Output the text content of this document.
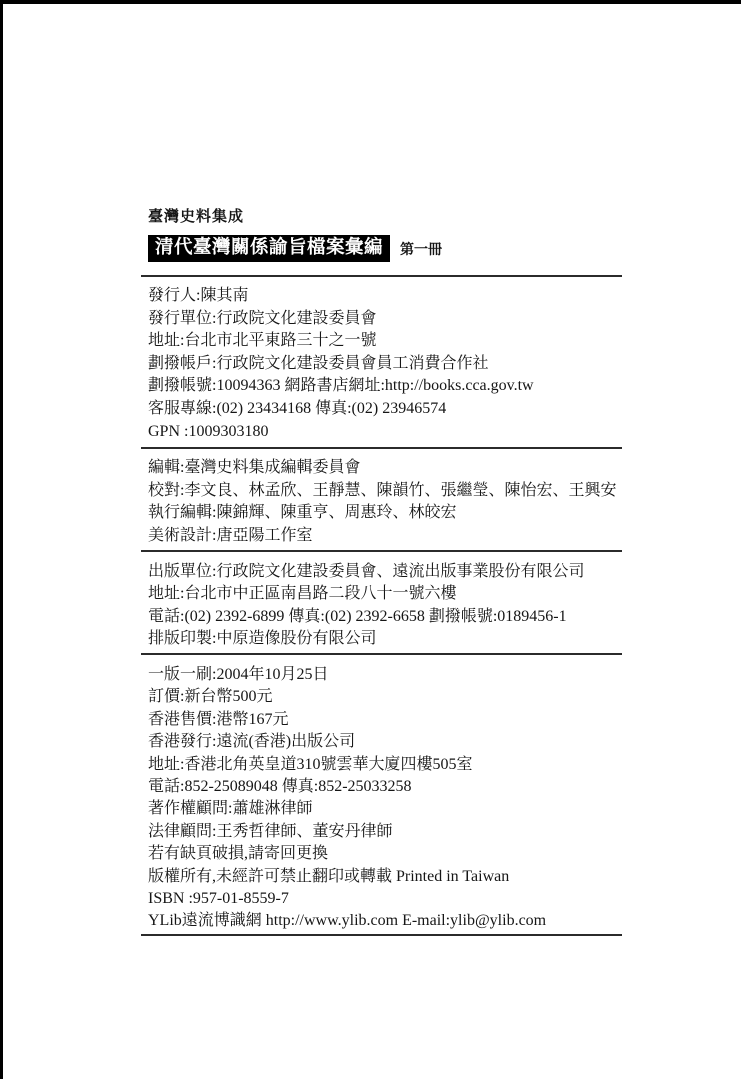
臺灣史料集成
清代臺灣關係諭旨檔案彙編	第一冊
發行人:陳其南
發行單位:行政院文化建設委員會
地址:台北市北平東路三十之一號
劃撥帳戶:行政院文化建設委員會員工消費合作社
劃撥帳號:10094363 網路書店網址:http://books.cca.gov.tw
客服專線:(02) 23434168 傳真:(02) 23946574
GPN :1009303180
編輯:臺灣史料集成編輯委員會
校對:李文良、林孟欣、王靜慧、陳韻竹、張繼瑩、陳怡宏、王興安
執行編輯:陳錦輝、陳重亨、周惠玲、林皎宏
美術設計:唐亞陽工作室
出版單位:行政院文化建設委員會、遠流出版事業股份有限公司
地址:台北市中正區南昌路二段八十一號六樓
電話:(02) 2392-6899 傳真:(02) 2392-6658 劃撥帳號:0189456-1
排版印製:中原造像股份有限公司
一版一刷:2004年10月25日
訂價:新台幣500元
香港售價:港幣167元
香港發行:遠流(香港)出版公司
地址:香港北角英皇道310號雲華大廈四樓505室
電話:852-25089048 傳真:852-25033258
著作權顧問:蕭雄淋律師
法律顧問:王秀哲律師、董安丹律師
若有缺頁破損,請寄回更換
版權所有,未經許可禁止翻印或轉載 Printed in Taiwan
ISBN :957-01-8559-7
YLib遠流博識網 http://www.ylib.com E-mail:ylib@ylib.com
